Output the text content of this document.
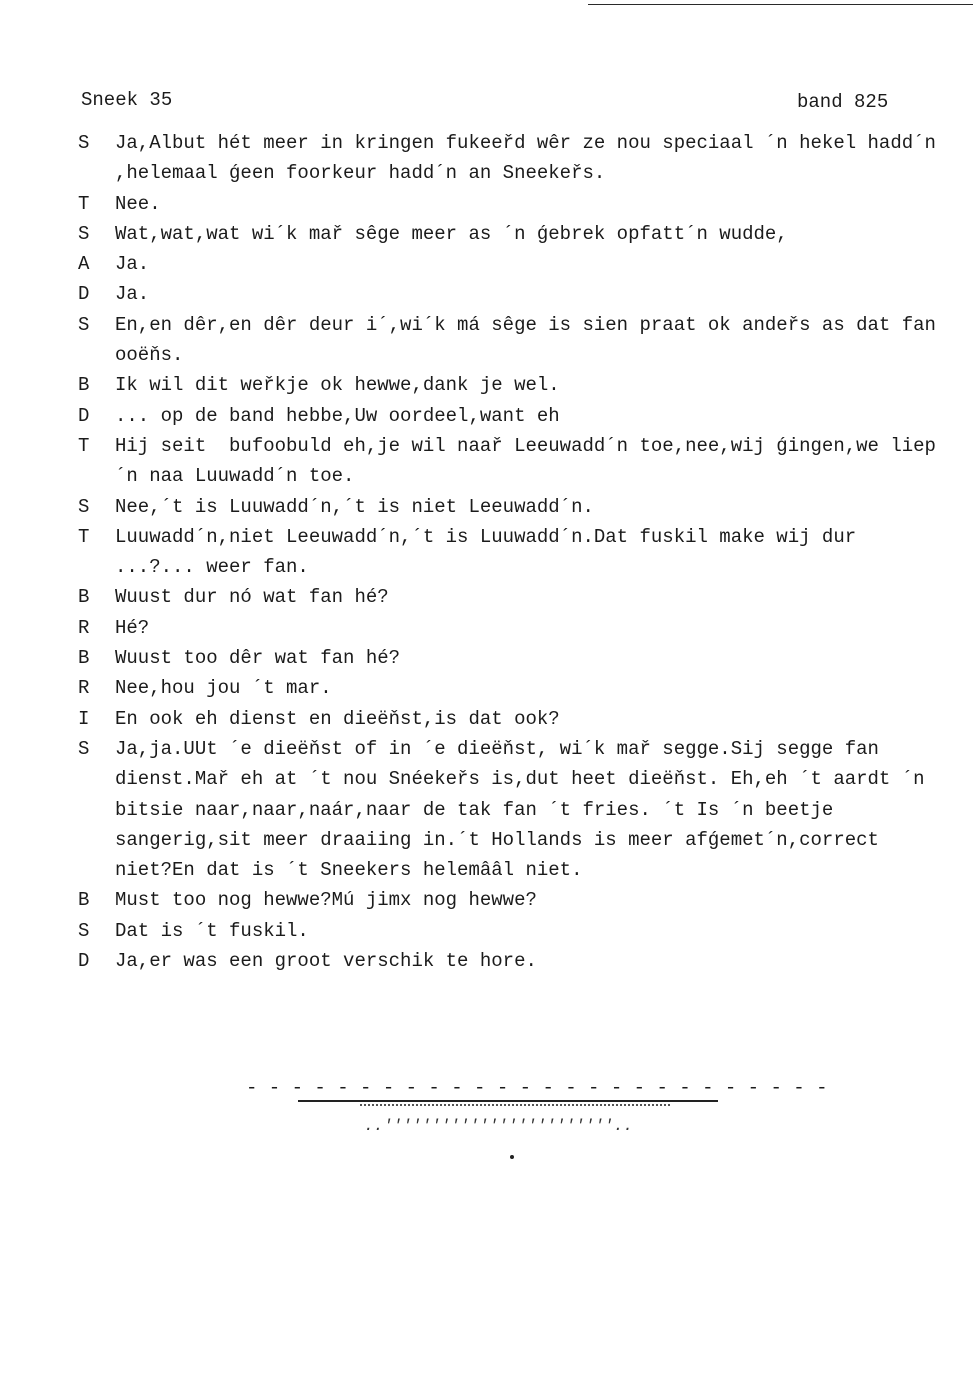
Sneek 35	band 825
S	Ja,Albut hét meer in kringen fukeeřd wêr ze nou speciaal ´n hekel hadd´n ,helemaal ǵeen foorkeur hadd´n an Sneekeřs.
T	Nee.
S	Wat,wat,wat wi´k mař sêge meer as ´n ǵebrek opfatt´n wudde,
A	Ja.
D	Ja.
S	En,en dêr,en dêr deur i´,wi´k má sêge is sien praat ok andeřs as dat fan ooëňs.
B	Ik wil dit weřkje ok hewwe,dank je wel.
D	... op de band hebbe,Uw oordeel,want eh
T	Hij seit  bufoobuld eh,je wil naař Leeuwadd´n toe,nee,wij ǵingen,we liep´n naa Luuwadd´n toe.
S	Nee,´t is Luuwadd´n,´t is niet Leeuwadd´n.
T	Luuwadd´n,niet Leeuwadd´n,´t is Luuwadd´n.Dat fuskil make wij dur ...?... weer fan.
B	Wuust dur nó wat fan hé?
R	Hé?
B	Wuust too dêr wat fan hé?
R	Nee,hou jou ´t mar.
I	En ook eh dienst en dieëňst,is dat ook?
S	Ja,ja.UUt ´e dieëňst of in ´e dieëňst, wi´k mař segge.Sij segge fan dienst.Mař eh at ´t nou Snéekeřs is,dut heet dieëňst. Eh,eh ´t aardt ´n bitsie naar,naar,naár,naar de tak fan ´t fries. ´t Is ´n beetje sangerig,sit meer draaiing in.´t Hollands is meer afǵemet´n,correct niet?En dat is ´t Sneekers helemââl niet.
B	Must too nog hewwe?Mú jimx nog hewwe?
S	Dat is ´t fuskil.
D	Ja,er was een groot verschik te hore.
- - - - - - - - - - - - - - - - - - - - - - - - - -
..''''''''''''''''''''''''..
